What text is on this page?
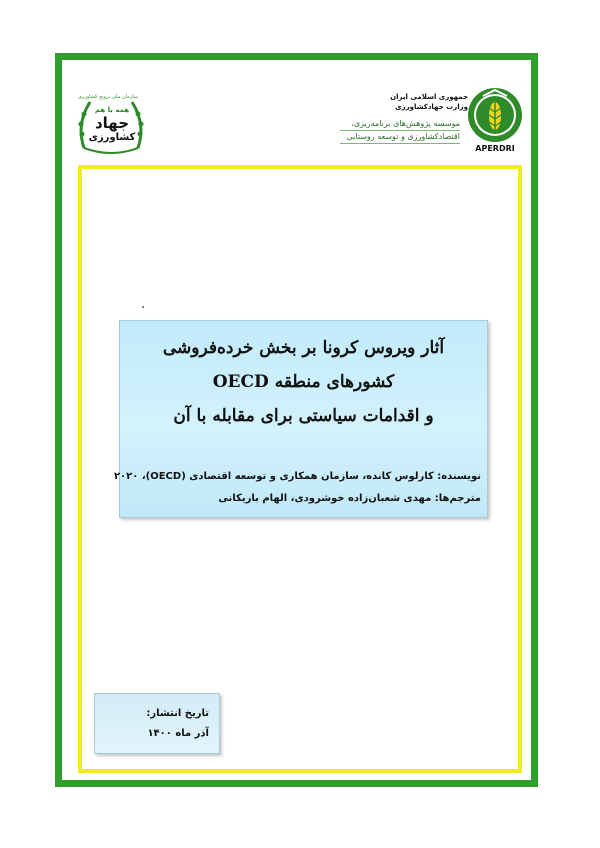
سازمان ملی ترویج کشاورزی
همه با هم
جهاد
کشاورزی
جمهوری اسلامی ایران
وزارت جهادکشاورزی
موسسه پژوهش‌های برنامه‌ریزی،
اقتصادکشاورزی و توسعه روستایی
APERDRI
آثار ویروس کرونا بر بخش خرده‌فروشی
کشورهای منطقه OECD
و اقدامات سیاستی برای مقابله با آن
نویسنده: کارلوس کانده، سازمان همکاری و توسعه اقتصادی (OECD)، ۲۰۲۰
مترجم‌ها: مهدی شعبان‌زاده خوشرودی، الهام باریکانی
تاریخ انتشار:
آذر ماه ۱۴۰۰
